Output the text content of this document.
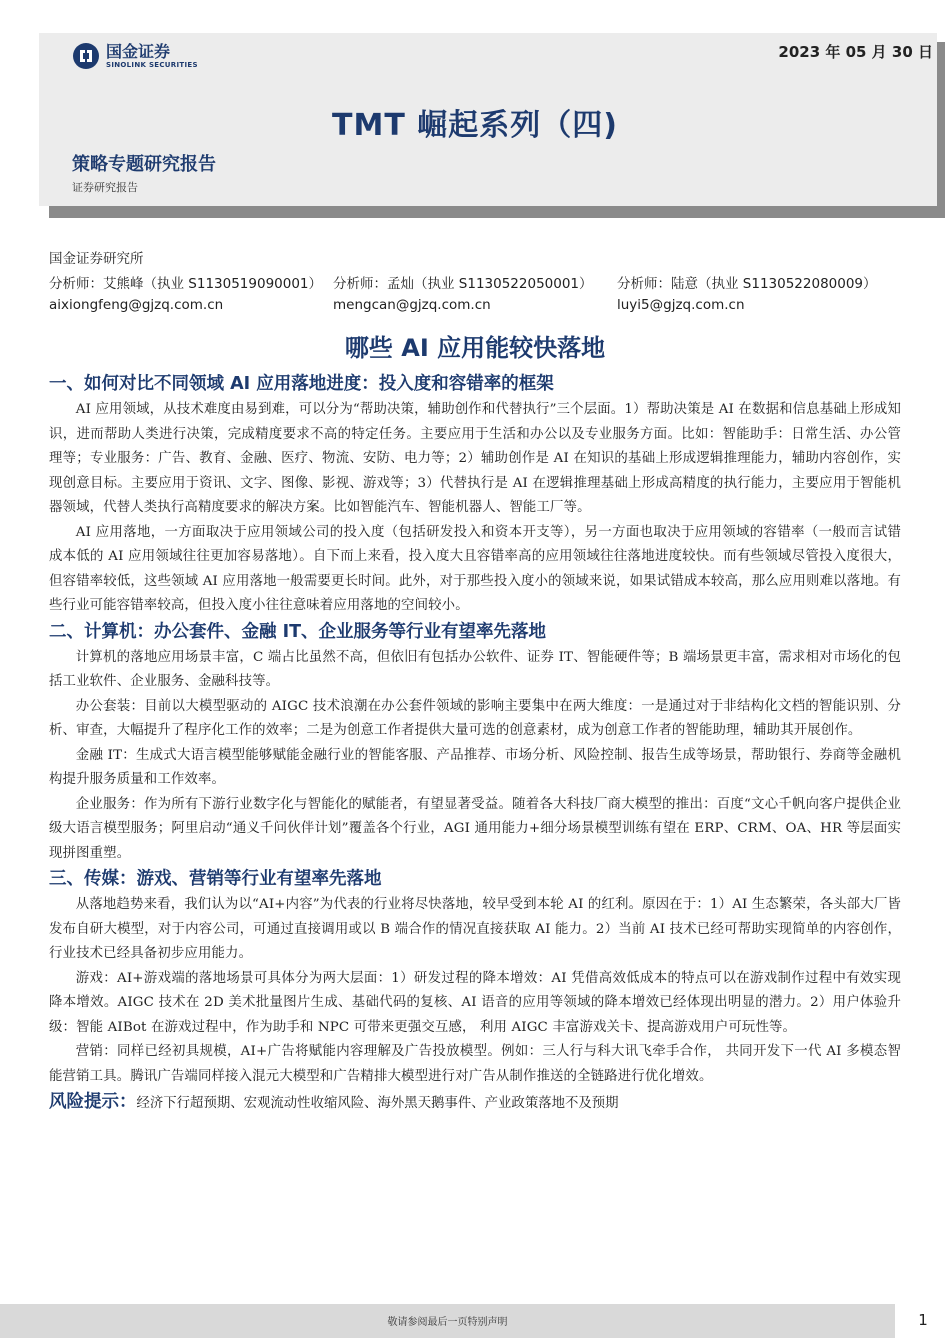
国金证券
SINOLINK SECURITIES
2023 年 05 月 30 日
TMT 崛起系列（四)
策略专题研究报告
证券研究报告
国金证券研究所
分析师：艾熊峰（执业 S1130519090001） 分析师：孟灿（执业 S1130522050001） 分析师：陆意（执业 S1130522080009）
aixiongfeng@gjzq.com.cn	mengcan@gjzq.com.cn	luyi5@gjzq.com.cn
哪些 AI 应用能较快落地
一、如何对比不同领域 AI 应用落地进度：投入度和容错率的框架

AI 应用领域，从技术难度由易到难，可以分为“帮助决策，辅助创作和代替执行”三个层面。1）帮助决策是 AI 在数据和信息基础上形成知识，进而帮助人类进行决策，完成精度要求不高的特定任务。主要应用于生活和办公以及专业服务方面。比如：智能助手：日常生活、办公管理等；专业服务：广告、教育、金融、医疗、物流、安防、电力等；2）辅助创作是 AI 在知识的基础上形成逻辑推理能力，辅助内容创作，实现创意目标。主要应用于资讯、文字、图像、影视、游戏等；3）代替执行是 AI 在逻辑推理基础上形成高精度的执行能力，主要应用于智能机器领域，代替人类执行高精度要求的解决方案。比如智能汽车、智能机器人、智能工厂等。

AI 应用落地，一方面取决于应用领域公司的投入度（包括研发投入和资本开支等），另一方面也取决于应用领域的容错率（一般而言试错成本低的 AI 应用领域往往更加容易落地）。自下而上来看，投入度大且容错率高的应用领域往往落地进度较快。而有些领域尽管投入度很大，但容错率较低，这些领域 AI 应用落地一般需要更长时间。此外，对于那些投入度小的领域来说，如果试错成本较高，那么应用则难以落地。有些行业可能容错率较高，但投入度小往往意味着应用落地的空间较小。

二、计算机：办公套件、金融 IT、企业服务等行业有望率先落地

计算机的落地应用场景丰富，C 端占比虽然不高，但依旧有包括办公软件、证券 IT、智能硬件等；B 端场景更丰富，需求相对市场化的包括工业软件、企业服务、金融科技等。

办公套装：目前以大模型驱动的 AIGC 技术浪潮在办公套件领域的影响主要集中在两大维度：一是通过对于非结构化文档的智能识别、分析、审查，大幅提升了程序化工作的效率；二是为创意工作者提供大量可选的创意素材，成为创意工作者的智能助理，辅助其开展创作。

金融 IT：生成式大语言模型能够赋能金融行业的智能客服、产品推荐、市场分析、风险控制、报告生成等场景，帮助银行、券商等金融机构提升服务质量和工作效率。

企业服务：作为所有下游行业数字化与智能化的赋能者，有望显著受益。随着各大科技厂商大模型的推出：百度“文心千帆向客户提供企业级大语言模型服务；阿里启动“通义千问伙伴计划”覆盖各个行业，AGI 通用能力+细分场景模型训练有望在 ERP、CRM、OA、HR 等层面实现拼图重塑。

三、传媒：游戏、营销等行业有望率先落地

从落地趋势来看，我们认为以“AI+内容”为代表的行业将尽快落地，较早受到本轮 AI 的红利。原因在于：1）AI 生态繁荣，各头部大厂皆发布自研大模型，对于内容公司，可通过直接调用或以 B 端合作的情况直接获取 AI 能力。2）当前 AI 技术已经可帮助实现简单的内容创作，行业技术已经具备初步应用能力。

游戏：AI+游戏端的落地场景可具体分为两大层面：1）研发过程的降本增效：AI 凭借高效低成本的特点可以在游戏制作过程中有效实现降本增效。AIGC 技术在 2D 美术批量图片生成、基础代码的复核、AI 语音的应用等领域的降本增效已经体现出明显的潜力。2）用户体验升级：智能 AIBot 在游戏过程中，作为助手和 NPC 可带来更强交互感， 利用 AIGC 丰富游戏关卡、提高游戏用户可玩性等。

营销：同样已经初具规模，AI+广告将赋能内容理解及广告投放模型。例如：三人行与科大讯飞牵手合作， 共同开发下一代 AI 多模态智能营销工具。腾讯广告端同样接入混元大模型和广告精排大模型进行对广告从制作推送的全链路进行优化增效。

风险提示：经济下行超预期、宏观流动性收缩风险、海外黑天鹅事件、产业政策落地不及预期
敬请参阅最后一页特别声明	1
